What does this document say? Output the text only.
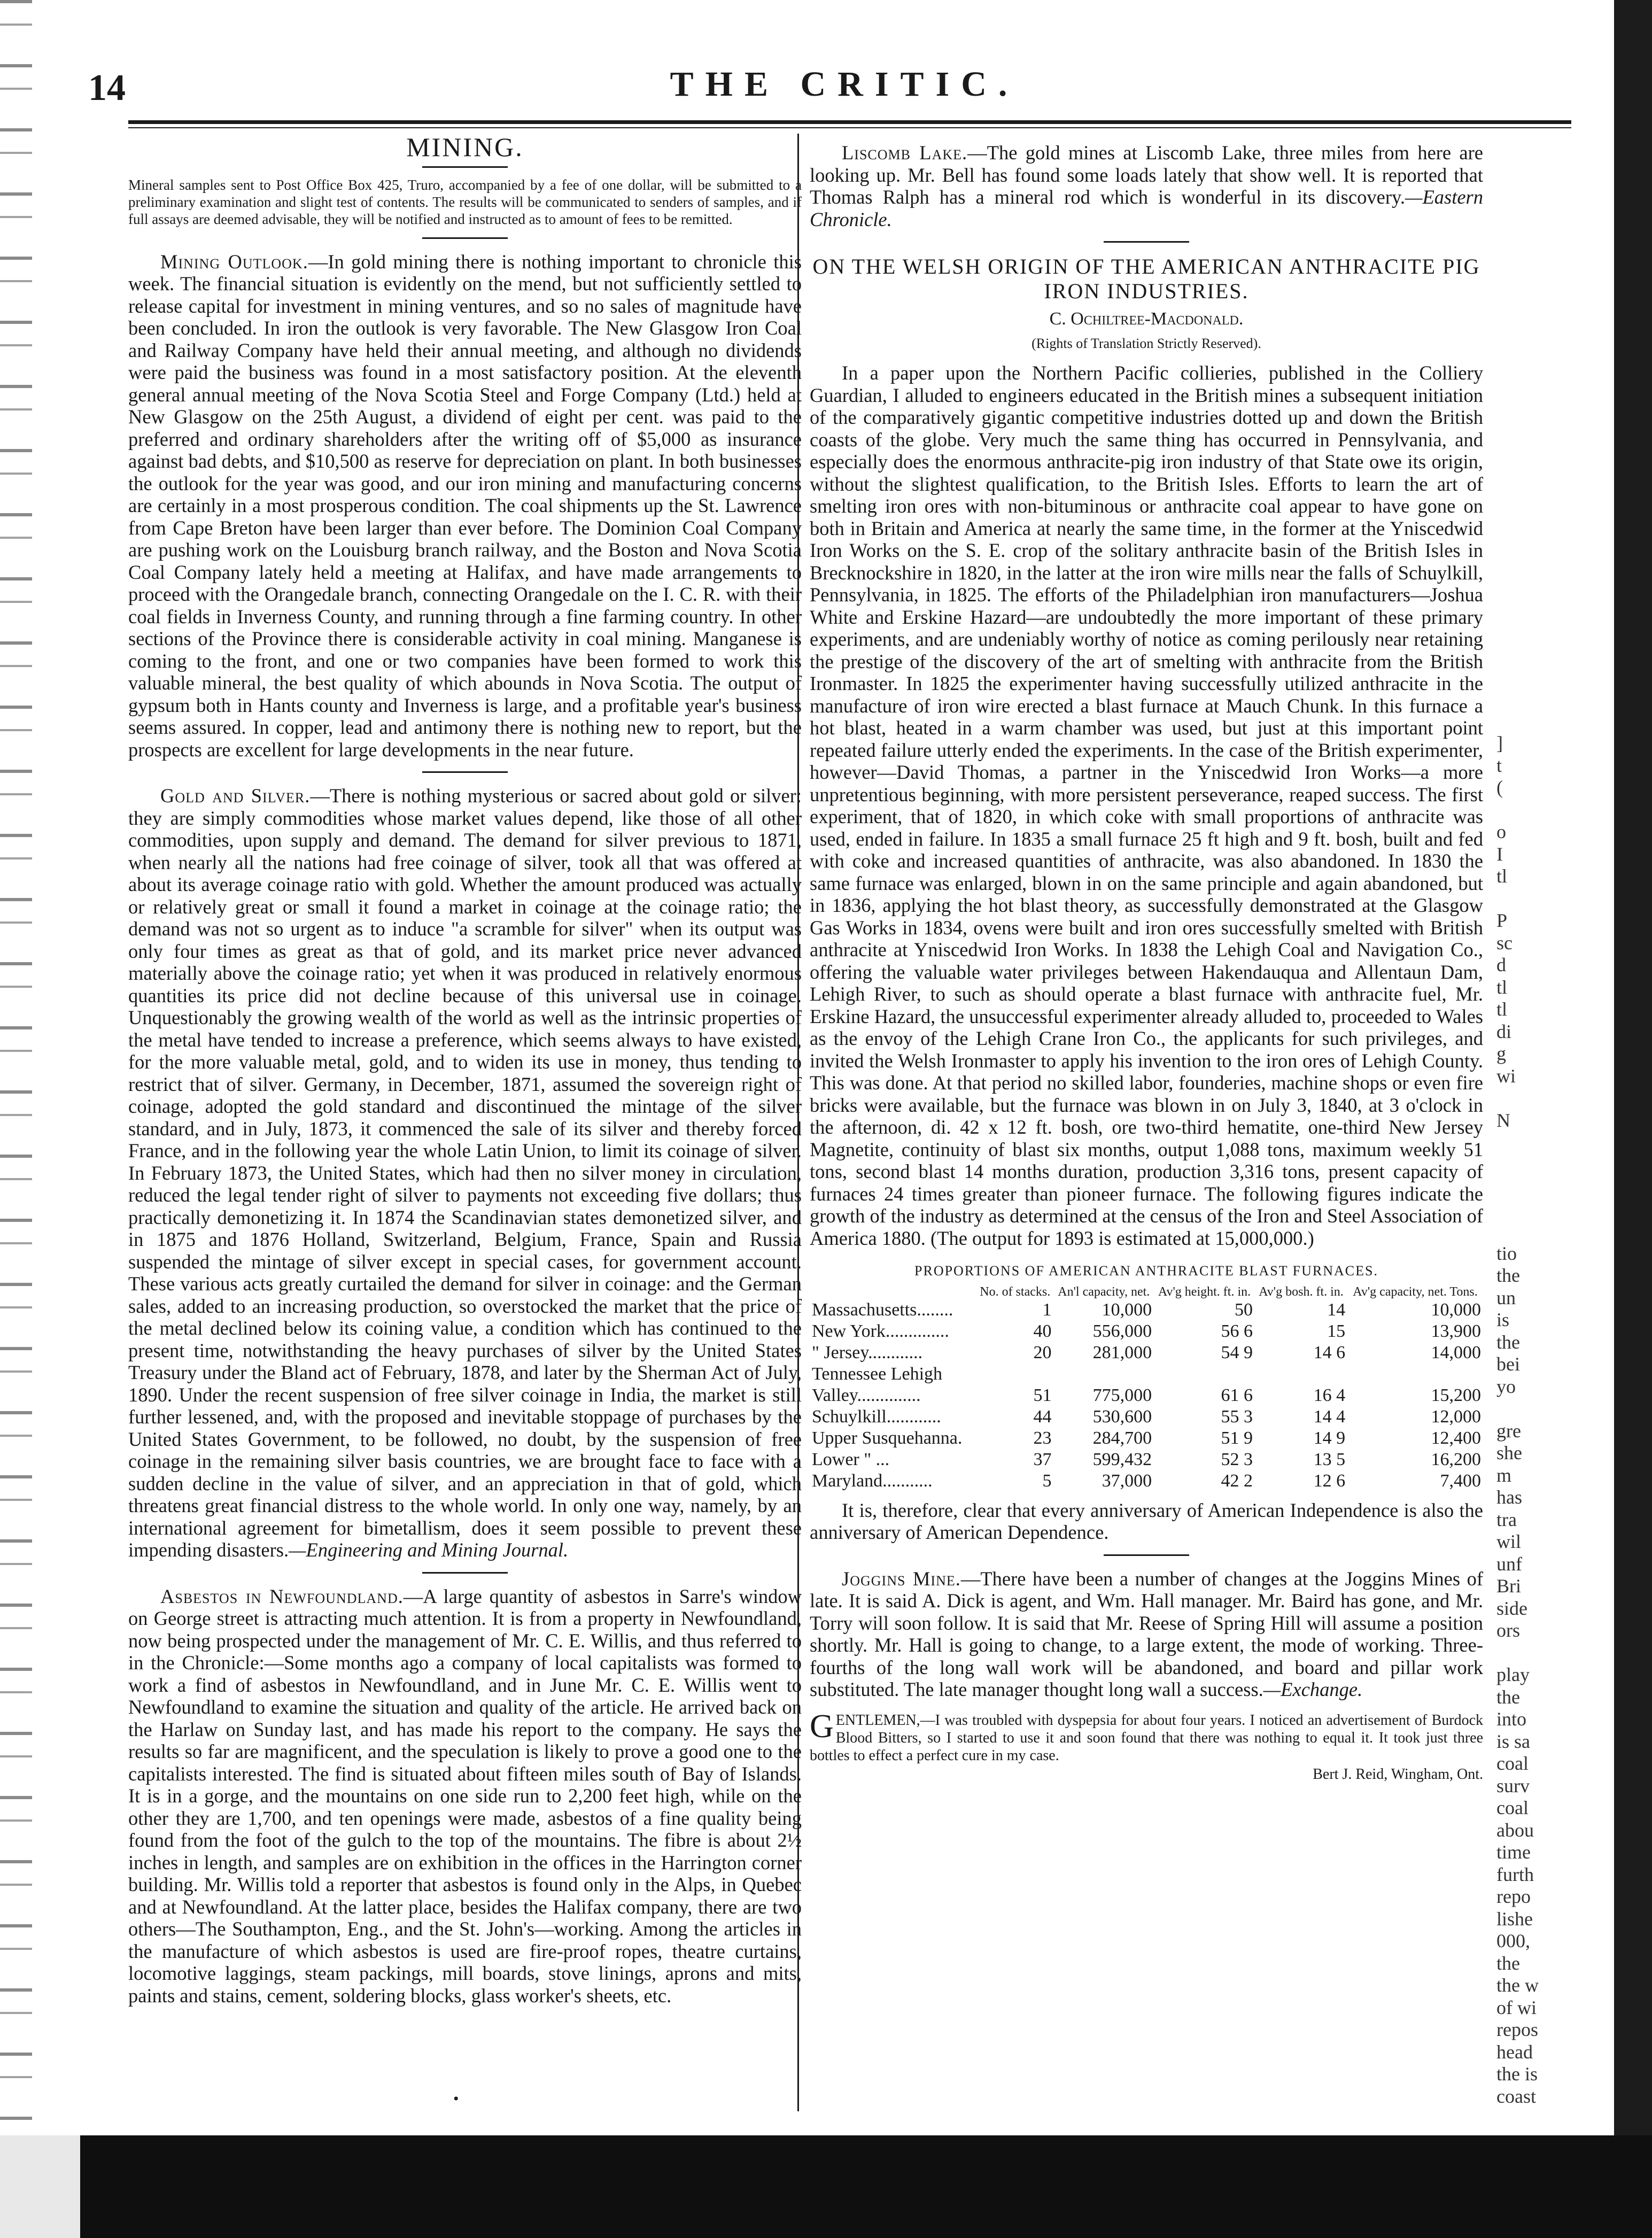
14	THE CRITIC.
MINING.

Mineral samples sent to Post Office Box 425, Truro, accompanied by a fee of one dollar, will be submitted to a preliminary examination and slight test of contents. The results will be communicated to senders of samples, and if full assays are deemed advisable, they will be notified and instructed as to amount of fees to be remitted.

Mining Outlook.—In gold mining there is nothing important to chronicle this week. The financial situation is evidently on the mend, but not sufficiently settled to release capital for investment in mining ventures, and so no sales of magnitude have been concluded. In iron the outlook is very favorable. The New Glasgow Iron Coal and Railway Company have held their annual meeting, and although no dividends were paid the business was found in a most satisfactory position. At the eleventh general annual meeting of the Nova Scotia Steel and Forge Company (Ltd.) held at New Glasgow on the 25th August, a dividend of eight per cent. was paid to the preferred and ordinary shareholders after the writing off of $5,000 as insurance against bad debts, and $10,500 as reserve for depreciation on plant. In both businesses the outlook for the year was good, and our iron mining and manufacturing concerns are certainly in a most prosperous condition. The coal shipments up the St. Lawrence from Cape Breton have been larger than ever before. The Dominion Coal Company are pushing work on the Louisburg branch railway, and the Boston and Nova Scotia Coal Company lately held a meeting at Halifax, and have made arrangements to proceed with the Orangedale branch, connecting Orangedale on the I. C. R. with their coal fields in Inverness County, and running through a fine farming country. In other sections of the Province there is considerable activity in coal mining. Manganese is coming to the front, and one or two companies have been formed to work this valuable mineral, the best quality of which abounds in Nova Scotia. The output of gypsum both in Hants county and Inverness is large, and a profitable year's business seems assured. In copper, lead and antimony there is nothing new to report, but the prospects are excellent for large developments in the near future.

Gold and Silver.—There is nothing mysterious or sacred about gold or silver: they are simply commodities whose market values depend, like those of all other commodities, upon supply and demand. The demand for silver previous to 1871, when nearly all the nations had free coinage of silver, took all that was offered at about its average coinage ratio with gold. Whether the amount produced was actually or relatively great or small it found a market in coinage at the coinage ratio; the demand was not so urgent as to induce "a scramble for silver" when its output was only four times as great as that of gold, and its market price never advanced materially above the coinage ratio; yet when it was produced in relatively enormous quantities its price did not decline because of this universal use in coinage. Unquestionably the growing wealth of the world as well as the intrinsic properties of the metal have tended to increase a preference, which seems always to have existed, for the more valuable metal, gold, and to widen its use in money, thus tending to restrict that of silver. Germany, in December, 1871, assumed the sovereign right of coinage, adopted the gold standard and discontinued the mintage of the silver standard, and in July, 1873, it commenced the sale of its silver and thereby forced France, and in the following year the whole Latin Union, to limit its coinage of silver. In February 1873, the United States, which had then no silver money in circulation, reduced the legal tender right of silver to payments not exceeding five dollars; thus practically demonetizing it. In 1874 the Scandinavian states demonetized silver, and in 1875 and 1876 Holland, Switzerland, Belgium, France, Spain and Russia suspended the mintage of silver except in special cases, for government account. These various acts greatly curtailed the demand for silver in coinage: and the German sales, added to an increasing production, so overstocked the market that the price of the metal declined below its coining value, a condition which has continued to the present time, notwithstanding the heavy purchases of silver by the United States Treasury under the Bland act of February, 1878, and later by the Sherman Act of July, 1890. Under the recent suspension of free silver coinage in India, the market is still further lessened, and, with the proposed and inevitable stoppage of purchases by the United States Government, to be followed, no doubt, by the suspension of free coinage in the remaining silver basis countries, we are brought face to face with a sudden decline in the value of silver, and an appreciation in that of gold, which threatens great financial distress to the whole world. In only one way, namely, by an international agreement for bimetallism, does it seem possible to prevent these impending disasters.—Engineering and Mining Journal.

Asbestos in Newfoundland.—A large quantity of asbestos in Sarre's window on George street is attracting much attention. It is from a property in Newfoundland, now being prospected under the management of Mr. C. E. Willis, and thus referred to in the Chronicle:—Some months ago a company of local capitalists was formed to work a find of asbestos in Newfoundland, and in June Mr. C. E. Willis went to Newfoundland to examine the situation and quality of the article. He arrived back on the Harlaw on Sunday last, and has made his report to the company. He says the results so far are magnificent, and the speculation is likely to prove a good one to the capitalists interested. The find is situated about fifteen miles south of Bay of Islands. It is in a gorge, and the mountains on one side run to 2,200 feet high, while on the other they are 1,700, and ten openings were made, asbestos of a fine quality being found from the foot of the gulch to the top of the mountains. The fibre is about 2½ inches in length, and samples are on exhibition in the offices in the Harrington corner building. Mr. Willis told a reporter that asbestos is found only in the Alps, in Quebec and at Newfoundland. At the latter place, besides the Halifax company, there are two others—The Southampton, Eng., and the St. John's—working. Among the articles in the manufacture of which asbestos is used are fire-proof ropes, theatre curtains, locomotive laggings, steam packings, mill boards, stove linings, aprons and mits, paints and stains, cement, soldering blocks, glass worker's sheets, etc.

Liscomb Lake.—The gold mines at Liscomb Lake, three miles from here are looking up. Mr. Bell has found some loads lately that show well. It is reported that Thomas Ralph has a mineral rod which is wonderful in its discovery.—Eastern Chronicle.

ON THE WELSH ORIGIN OF THE AMERICAN ANTHRACITE PIG IRON INDUSTRIES.
C. Ochiltree-Macdonald.
(Rights of Translation Strictly Reserved).

In a paper upon the Northern Pacific collieries, published in the Colliery Guardian, I alluded to engineers educated in the British mines a subsequent initiation of the comparatively gigantic competitive industries dotted up and down the British coasts of the globe. Very much the same thing has occurred in Pennsylvania, and especially does the enormous anthracite-pig iron industry of that State owe its origin, without the slightest qualification, to the British Isles. Efforts to learn the art of smelting iron ores with non-bituminous or anthracite coal appear to have gone on both in Britain and America at nearly the same time, in the former at the Yniscedwid Iron Works on the S. E. crop of the solitary anthracite basin of the British Isles in Brecknockshire in 1820, in the latter at the iron wire mills near the falls of Schuylkill, Pennsylvania, in 1825. The efforts of the Philadelphian iron manufacturers—Joshua White and Erskine Hazard—are undoubtedly the more important of these primary experiments, and are undeniably worthy of notice as coming perilously near retaining the prestige of the discovery of the art of smelting with anthracite from the British Ironmaster. In 1825 the experimenter having successfully utilized anthracite in the manufacture of iron wire erected a blast furnace at Mauch Chunk. In this furnace a hot blast, heated in a warm chamber was used, but just at this important point repeated failure utterly ended the experiments. In the case of the British experimenter, however—David Thomas, a partner in the Yniscedwid Iron Works—a more unpretentious beginning, with more persistent perseverance, reaped success. The first experiment, that of 1820, in which coke with small proportions of anthracite was used, ended in failure. In 1835 a small furnace 25 ft high and 9 ft. bosh, built and fed with coke and increased quantities of anthracite, was also abandoned. In 1830 the same furnace was enlarged, blown in on the same principle and again abandoned, but in 1836, applying the hot blast theory, as successfully demonstrated at the Glasgow Gas Works in 1834, ovens were built and iron ores successfully smelted with British anthracite at Yniscedwid Iron Works. In 1838 the Lehigh Coal and Navigation Co., offering the valuable water privileges between Hakendauqua and Allentaun Dam, Lehigh River, to such as should operate a blast furnace with anthracite fuel, Mr. Erskine Hazard, the unsuccessful experimenter already alluded to, proceeded to Wales as the envoy of the Lehigh Crane Iron Co., the applicants for such privileges, and invited the Welsh Ironmaster to apply his invention to the iron ores of Lehigh County. This was done. At that period no skilled labor, founderies, machine shops or even fire bricks were available, but the furnace was blown in on July 3, 1840, at 3 o'clock in the afternoon, di. 42 x 12 ft. bosh, ore two-third hematite, one-third New Jersey Magnetite, continuity of blast six months, output 1,088 tons, maximum weekly 51 tons, second blast 14 months duration, production 3,316 tons, present capacity of furnaces 24 times greater than pioneer furnace. The following figures indicate the growth of the industry as determined at the census of the Iron and Steel Association of America 1880. (The output for 1893 is estimated at 15,000,000.)

PROPORTIONS OF AMERICAN ANTHRACITE BLAST FURNACES.
	No. of stacks.	An'l capacity, net.	Av'g height. ft. in.	Av'g bosh. ft. in.	Av'g capacity, net. Tons.
Massachusetts........	1	10,000	50	14	10,000
New York..............	40	556,000	56 6	15	13,900
" Jersey............	20	281,000	54 9	14 6	14,000
Tennessee Lehigh					
Valley..............	51	775,000	61 6	16 4	15,200
Schuylkill............	44	530,600	55 3	14 4	12,000
Upper Susquehanna.	23	284,700	51 9	14 9	12,400
Lower " ...	37	599,432	52 3	13 5	16,200
Maryland...........	5	37,000	42 2	12 6	7,400

It is, therefore, clear that every anniversary of American Independence is also the anniversary of American Dependence.

Joggins Mine.—There have been a number of changes at the Joggins Mines of late. It is said A. Dick is agent, and Wm. Hall manager. Mr. Baird has gone, and Mr. Torry will soon follow. It is said that Mr. Reese of Spring Hill will assume a position shortly. Mr. Hall is going to change, to a large extent, the mode of working. Three-fourths of the long wall work will be abandoned, and board and pillar work substituted. The late manager thought long wall a success.—Exchange.

GENTLEMEN,—I was troubled with dyspepsia for about four years. I noticed an advertisement of Burdock Blood Bitters, so I started to use it and soon found that there was nothing to equal it. It took just three bottles to effect a perfect cure in my case.
Bert J. Reid, Wingham, Ont.
]
t
(
o
I
tl
P
sc
d
tl
tl
di
g
wi
N
tio
the
un
is
the
bei
yo
gre
she
m
has
tra
wil
unf
Bri
side
ors
play
the
into
is sa
coal
surv
coal
abou
time
furth
repo
lishe
000,
the
the w
of wi
repos
head
the is
coast
•
